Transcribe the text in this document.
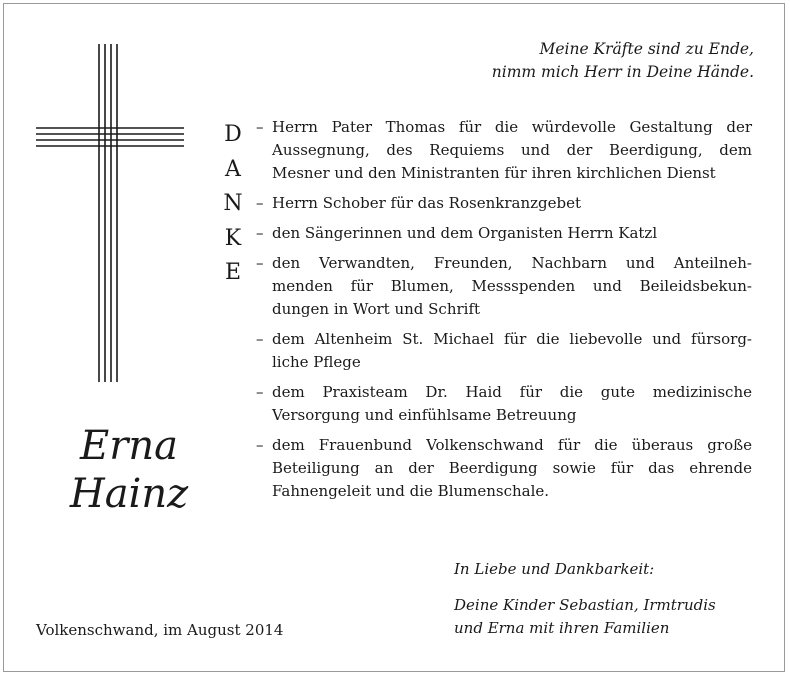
Meine Kräfte sind zu Ende,
nimm mich Herr in Deine Hände.
D
A
N
K
E
– Herrn Pater Thomas für die würdevolle Gestaltung der
Aussegnung, des Requiems und der Beerdigung, dem
Mesner und den Ministranten für ihren kirchlichen Dienst
– Herrn Schober für das Rosenkranzgebet
– den Sängerinnen und dem Organisten Herrn Katzl
– den Verwandten, Freunden, Nachbarn und Anteilneh-
menden für Blumen, Messspenden und Beileidsbekun-
dungen in Wort und Schrift
– dem Altenheim St. Michael für die liebevolle und fürsorg-
liche Pflege
– dem Praxisteam Dr. Haid für die gute medizinische
Versorgung und einfühlsame Betreuung
– dem Frauenbund Volkenschwand für die überaus große
Beteiligung an der Beerdigung sowie für das ehrende
Fahnengeleit und die Blumenschale.
Erna
Hainz
In Liebe und Dankbarkeit:
Deine Kinder Sebastian, Irmtrudis
und Erna mit ihren Familien
Volkenschwand, im August 2014
